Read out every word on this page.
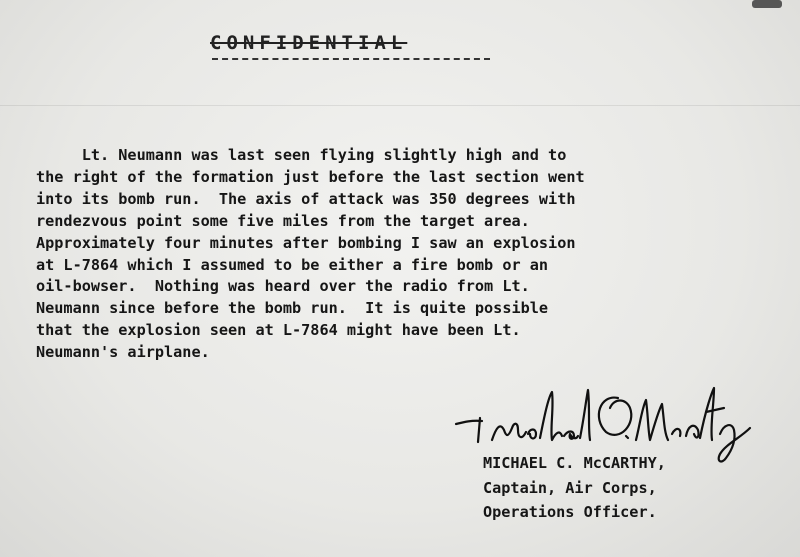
CONFIDENTIAL
Lt. Neumann was last seen flying slightly high and to
the right of the formation just before the last section went
into its bomb run.  The axis of attack was 350 degrees with
rendezvous point some five miles from the target area.
Approximately four minutes after bombing I saw an explosion
at L-7864 which I assumed to be either a fire bomb or an
oil-bowser.  Nothing was heard over the radio from Lt.
Neumann since before the bomb run.  It is quite possible
that the explosion seen at L-7864 might have been Lt.
Neumann's airplane.
MICHAEL C. McCARTHY,
Captain, Air Corps,
Operations Officer.
